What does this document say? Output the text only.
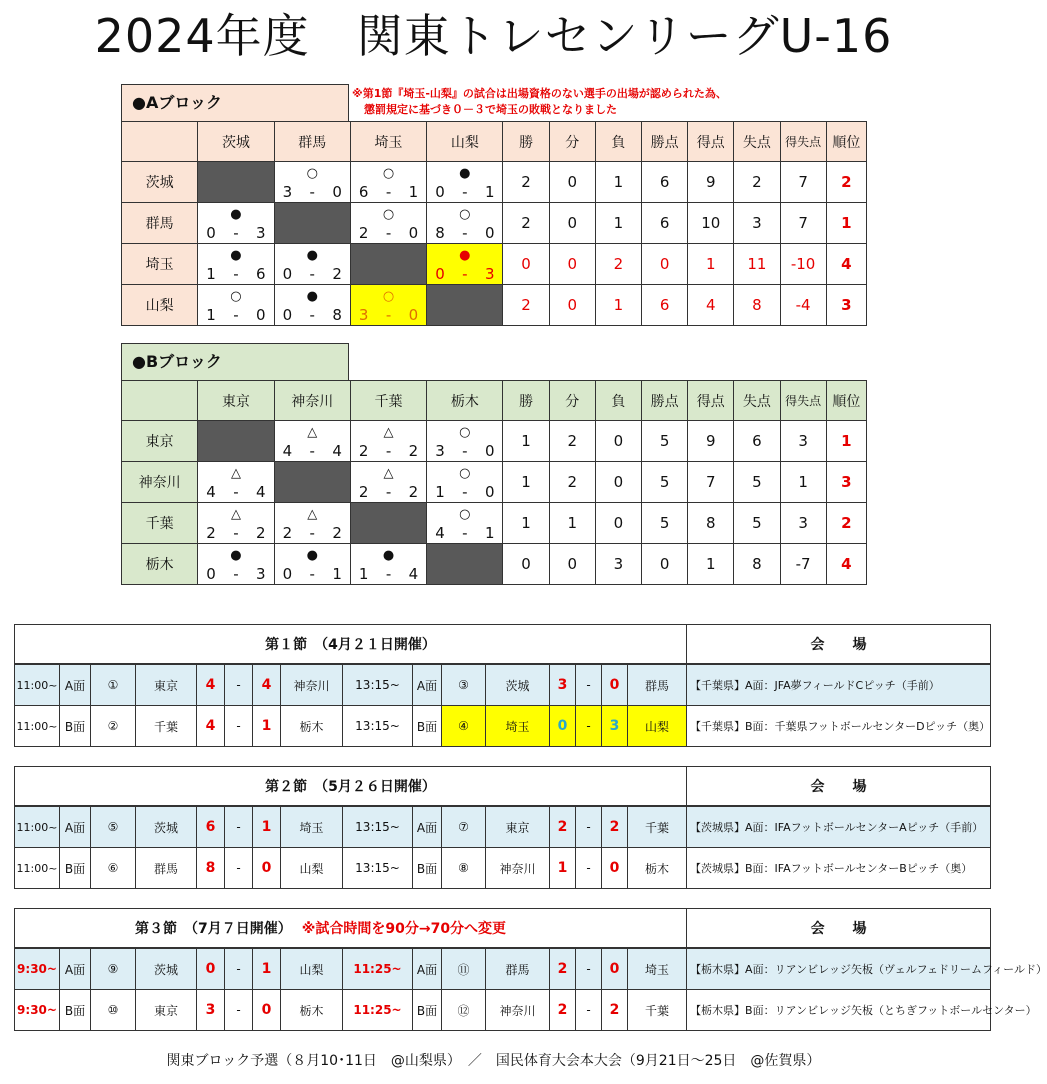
2024年度　関東トレセンリーグU-16
●Aブロック	※第1節『埼玉-山梨』の試合は出場資格のない選手の出場が認められた為、
懲罰規定に基づき０－３で埼玉の敗戦となりました
	茨城	群馬	埼玉	山梨	勝	分	負	勝点	得点	失点	得失点	順位
茨城		○
3 - 0	○
6 - 1	●
0 - 1	2	0	1	6	9	2	7	2
群馬	●
0 - 3		○
2 - 0	○
8 - 0	2	0	1	6	10	3	7	1
埼玉	●
1 - 6	●
0 - 2		●
0 - 3	0	0	2	0	1	11	-10	4
山梨	○
1 - 0	●
0 - 8	○
3 - 0		2	0	1	6	4	8	-4	3
●Bブロック
	東京	神奈川	千葉	栃木	勝	分	負	勝点	得点	失点	得失点	順位
東京		△
4 - 4	△
2 - 2	○
3 - 0	1	2	0	5	9	6	3	1
神奈川	△
4 - 4		△
2 - 2	○
1 - 0	1	2	0	5	7	5	1	3
千葉	△
2 - 2	△
2 - 2		○
4 - 1	1	1	0	5	8	5	3	2
栃木	●
0 - 3	●
0 - 1	●
1 - 4		0	0	3	0	1	8	-7	4
第１節　（4月２１日開催）																会　　場
11:00~	A面	①	東京	4	-	4	神奈川	13:15~	A面	③	茨城	3	-	0	群馬	【千葉県】A面：JFA夢フィールドCピッチ（手前）
11:00~	B面	②	千葉	4	-	1	栃木	13:15~	B面	④	埼玉	0	-	3	山梨	【千葉県】B面：千葉県フットボールセンターDピッチ（奥）
第２節　（5月２６日開催）																会　　場
11:00~	A面	⑤	茨城	6	-	1	埼玉	13:15~	A面	⑦	東京	2	-	2	千葉	【茨城県】A面：IFAフットボールセンターAピッチ（手前）
11:00~	B面	⑥	群馬	8	-	0	山梨	13:15~	B面	⑧	神奈川	1	-	0	栃木	【茨城県】B面：IFAフットボールセンターBピッチ（奥）
第３節　（7月７日開催） ※試合時間を90分→70分へ変更																会　　場
9:30~	A面	⑨	茨城	0	-	1	山梨	11:25~	A面	⑪	群馬	2	-	0	埼玉	【栃木県】A面：リアンビレッジ矢板（ヴェルフェドリームフィールド）
9:30~	B面	⑩	東京	3	-	0	栃木	11:25~	B面	⑫	神奈川	2	-	2	千葉	【栃木県】B面：リアンビレッジ矢板（とちぎフットボールセンター）
関東ブロック予選（８月10･11日　@山梨県）　／　国民体育大会本大会（9月21日～25日　@佐賀県）
